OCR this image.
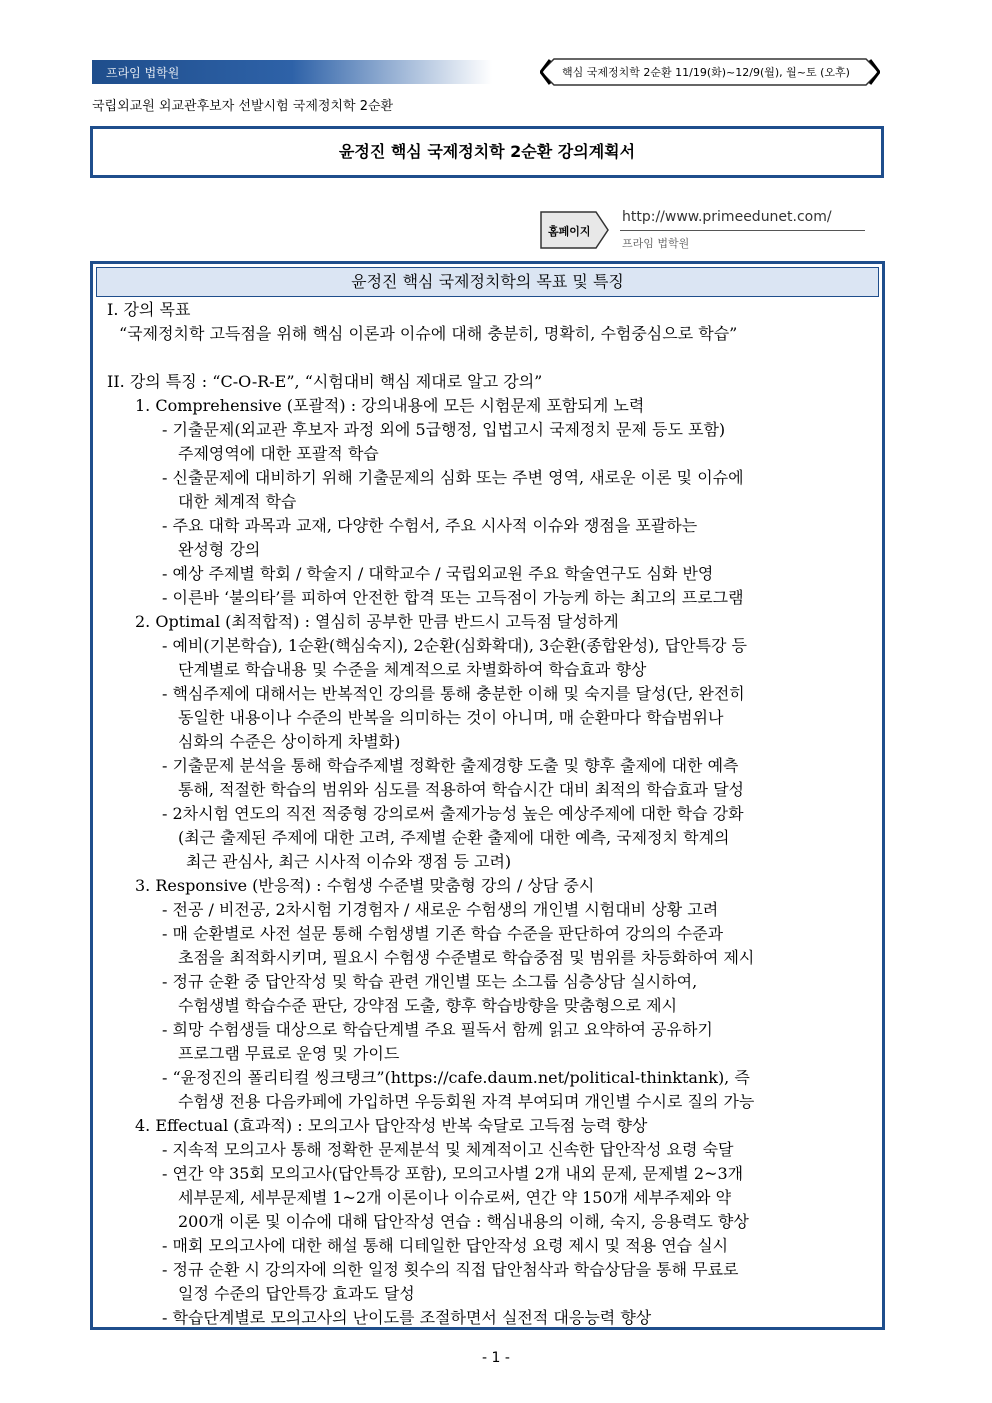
프라임 법학원	핵심 국제정치학 2순환 11/19(화)~12/9(월), 월~토 (오후)
국립외교원 외교관후보자 선발시험 국제정치학 2순환
윤정진 핵심 국제정치학 2순환 강의계획서
홈페이지
http://www.primeedunet.com/
프라임 법학원
윤정진 핵심 국제정치학의 목표 및 특징
I. 강의 목표
“국제정치학 고득점을 위해 핵심 이론과 이슈에 대해 충분히, 명확히, 수험중심으로 학습”
II. 강의 특징 : “C-O-R-E”, “시험대비 핵심 제대로 알고 강의”
1. Comprehensive (포괄적) : 강의내용에 모든 시험문제 포함되게 노력
- 기출문제(외교관 후보자 과정 외에 5급행정, 입법고시 국제정치 문제 등도 포함)
주제영역에 대한 포괄적 학습
- 신출문제에 대비하기 위해 기출문제의 심화 또는 주변 영역, 새로운 이론 및 이슈에
대한 체계적 학습
- 주요 대학 과목과 교재, 다양한 수험서, 주요 시사적 이슈와 쟁점을 포괄하는
완성형 강의
- 예상 주제별 학회 / 학술지 / 대학교수 / 국립외교원 주요 학술연구도 심화 반영
- 이른바 ‘불의타’를 피하여 안전한 합격 또는 고득점이 가능케 하는 최고의 프로그램
2. Optimal (최적합적) : 열심히 공부한 만큼 반드시 고득점 달성하게
- 예비(기본학습), 1순환(핵심숙지), 2순환(심화확대), 3순환(종합완성), 답안특강 등
단계별로 학습내용 및 수준을 체계적으로 차별화하여 학습효과 향상
- 핵심주제에 대해서는 반복적인 강의를 통해 충분한 이해 및 숙지를 달성(단, 완전히
동일한 내용이나 수준의 반복을 의미하는 것이 아니며, 매 순환마다 학습범위나
심화의 수준은 상이하게 차별화)
- 기출문제 분석을 통해 학습주제별 정확한 출제경향 도출 및 향후 출제에 대한 예측
통해, 적절한 학습의 범위와 심도를 적용하여 학습시간 대비 최적의 학습효과 달성
- 2차시험 연도의 직전 적중형 강의로써 출제가능성 높은 예상주제에 대한 학습 강화
(최근 출제된 주제에 대한 고려, 주제별 순환 출제에 대한 예측, 국제정치 학계의
최근 관심사, 최근 시사적 이슈와 쟁점 등 고려)
3. Responsive (반응적) : 수험생 수준별 맞춤형 강의 / 상담 중시
- 전공 / 비전공, 2차시험 기경험자 / 새로운 수험생의 개인별 시험대비 상황 고려
- 매 순환별로 사전 설문 통해 수험생별 기존 학습 수준을 판단하여 강의의 수준과
초점을 최적화시키며, 필요시 수험생 수준별로 학습중점 및 범위를 차등화하여 제시
- 정규 순환 중 답안작성 및 학습 관련 개인별 또는 소그룹 심층상담 실시하여,
수험생별 학습수준 판단, 강약점 도출, 향후 학습방향을 맞춤형으로 제시
- 희망 수험생들 대상으로 학습단계별 주요 필독서 함께 읽고 요약하여 공유하기
프로그램 무료로 운영 및 가이드
- “윤정진의 폴리티컬 씽크탱크”(https://cafe.daum.net/political-thinktank), 즉
수험생 전용 다음카페에 가입하면 우등회원 자격 부여되며 개인별 수시로 질의 가능
4. Effectual (효과적) : 모의고사 답안작성 반복 숙달로 고득점 능력 향상
- 지속적 모의고사 통해 정확한 문제분석 및 체계적이고 신속한 답안작성 요령 숙달
- 연간 약 35회 모의고사(답안특강 포함), 모의고사별 2개 내외 문제, 문제별 2~3개
세부문제, 세부문제별 1~2개 이론이나 이슈로써, 연간 약 150개 세부주제와 약
200개 이론 및 이슈에 대해 답안작성 연습 : 핵심내용의 이해, 숙지, 응용력도 향상
- 매회 모의고사에 대한 해설 통해 디테일한 답안작성 요령 제시 및 적용 연습 실시
- 정규 순환 시 강의자에 의한 일정 횟수의 직접 답안첨삭과 학습상담을 통해 무료로
일정 수준의 답안특강 효과도 달성
- 학습단계별로 모의고사의 난이도를 조절하면서 실전적 대응능력 향상
- 1 -
